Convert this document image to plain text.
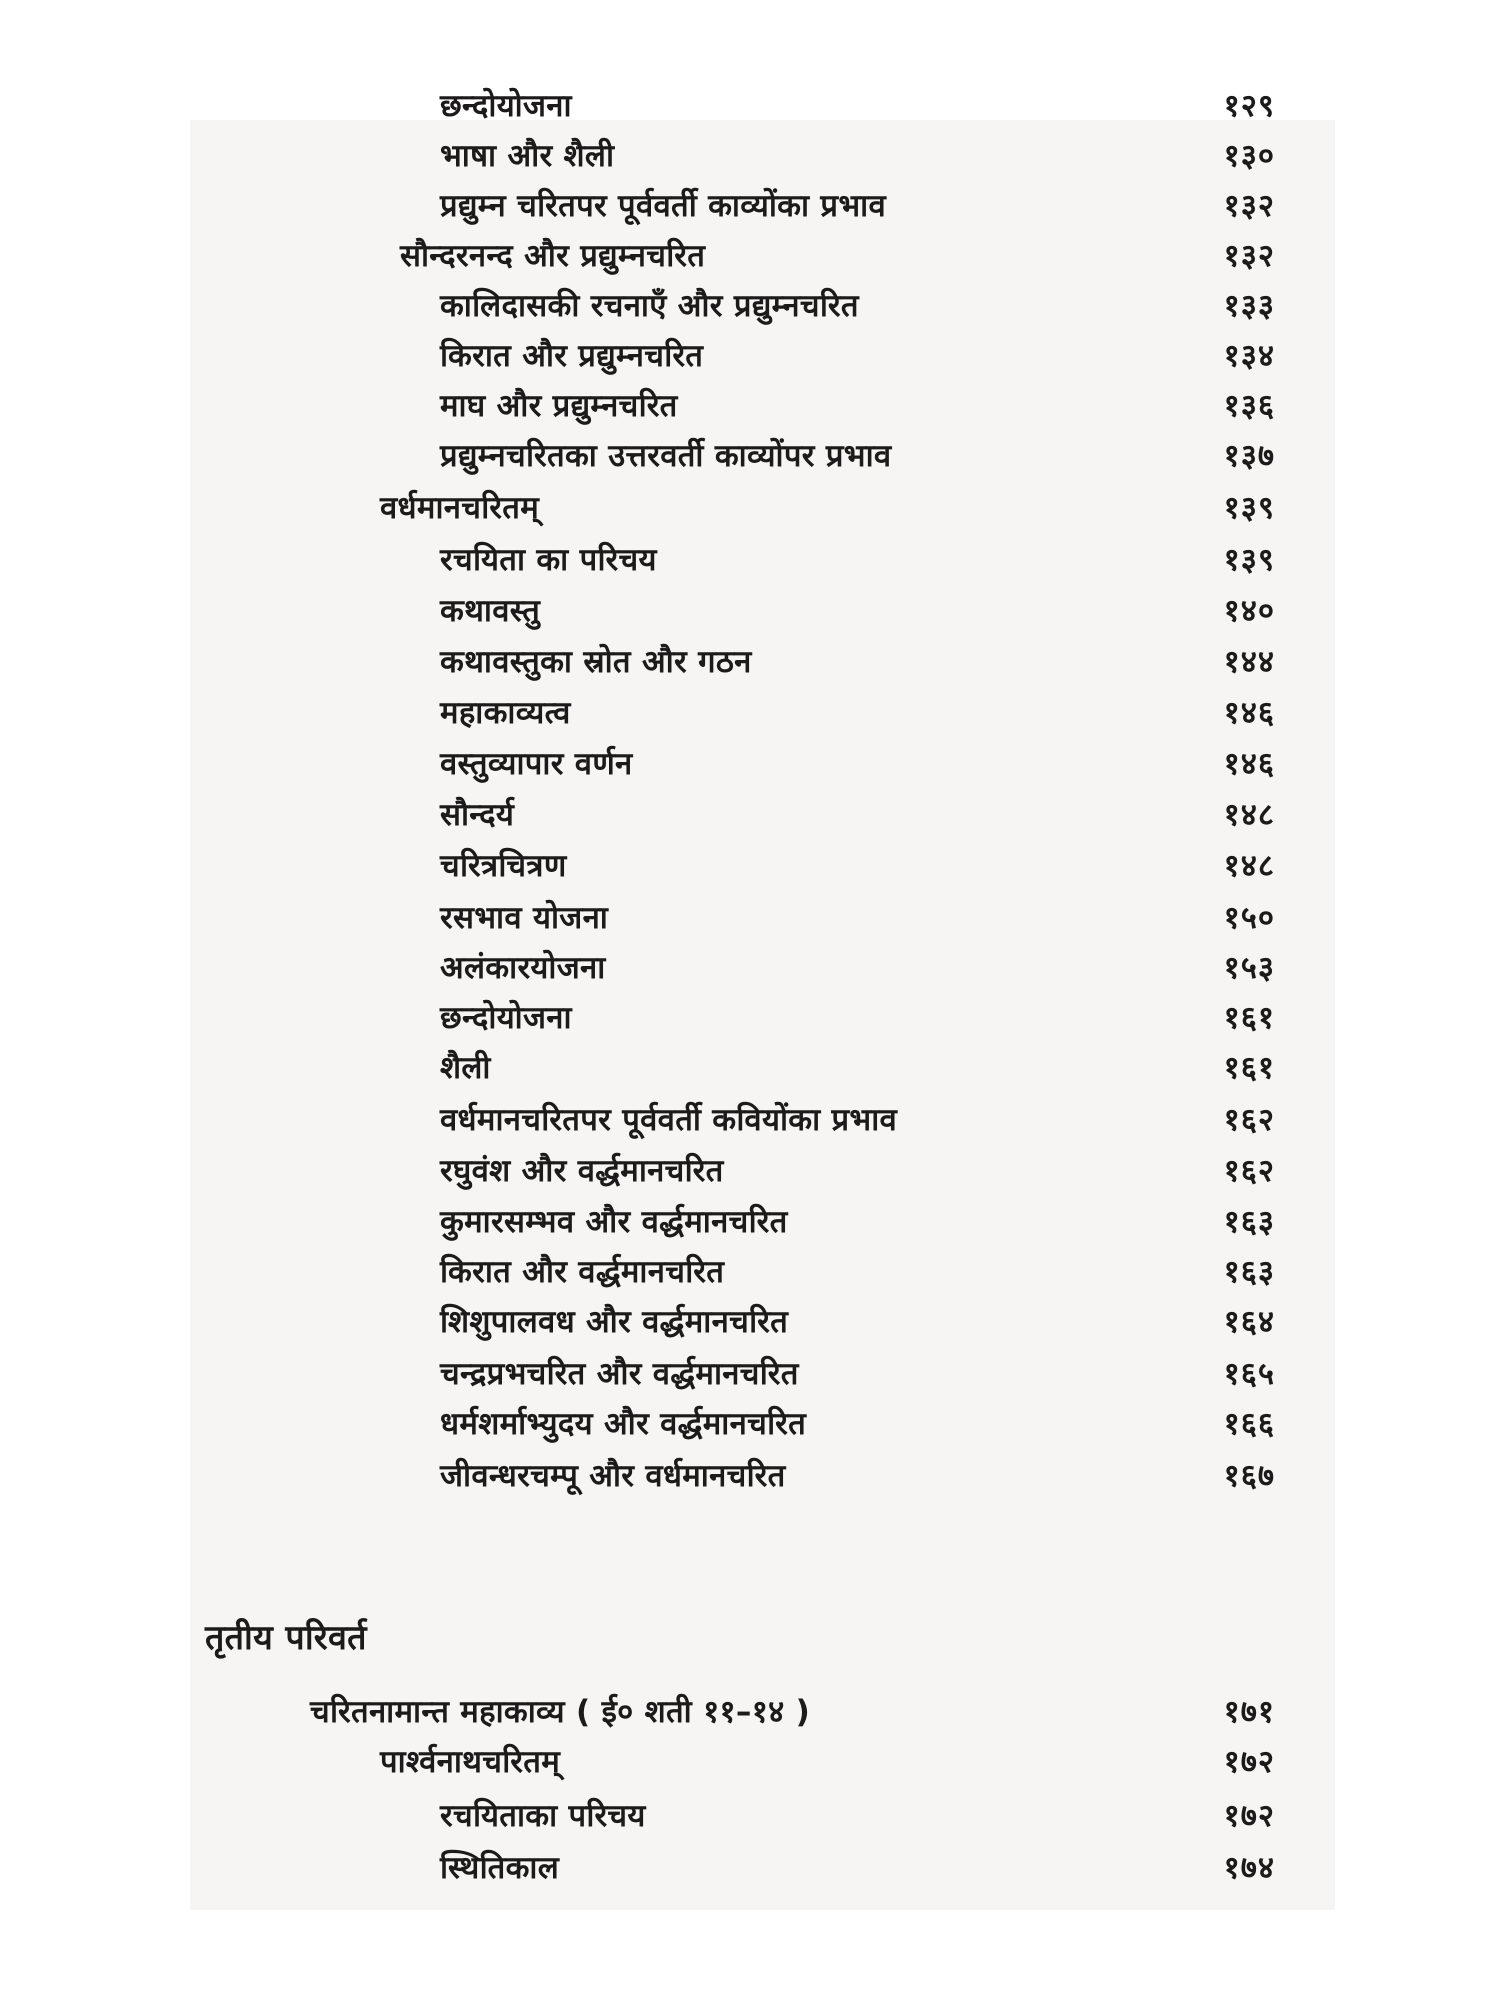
छन्दोयोजना	१२९
भाषा और शैली	१३०
प्रद्युम्न चरितपर पूर्ववर्ती काव्योंका प्रभाव	१३२
सौन्दरनन्द और प्रद्युम्नचरित	१३२
कालिदासकी रचनाएँ और प्रद्युम्नचरित	१३३
किरात और प्रद्युम्नचरित	१३४
माघ और प्रद्युम्नचरित	१३६
प्रद्युम्नचरितका उत्तरवर्ती काव्योंपर प्रभाव	१३७
वर्धमानचरितम्	१३९
रचयिता का परिचय	१३९
कथावस्तु	१४०
कथावस्तुका स्रोत और गठन	१४४
महाकाव्यत्व	१४६
वस्तुव्यापार वर्णन	१४६
सौन्दर्य	१४८
चरित्रचित्रण	१४८
रसभाव योजना	१५०
अलंकारयोजना	१५३
छन्दोयोजना	१६१
शैली	१६१
वर्धमानचरितपर पूर्ववर्ती कवियोंका प्रभाव	१६२
रघुवंश और वर्द्धमानचरित	१६२
कुमारसम्भव और वर्द्धमानचरित	१६३
किरात और वर्द्धमानचरित	१६३
शिशुपालवध और वर्द्धमानचरित	१६४
चन्द्रप्रभचरित और वर्द्धमानचरित	१६५
धर्मशर्माभ्युदय और वर्द्धमानचरित	१६६
जीवन्धरचम्पू और वर्धमानचरित	१६७
तृतीय परिवर्त
चरितनामान्त महाकाव्य ( ई० शती ११–१४ )	१७१
पार्श्वनाथचरितम्	१७२
रचयिताका परिचय	१७२
स्थितिकाल	१७४
